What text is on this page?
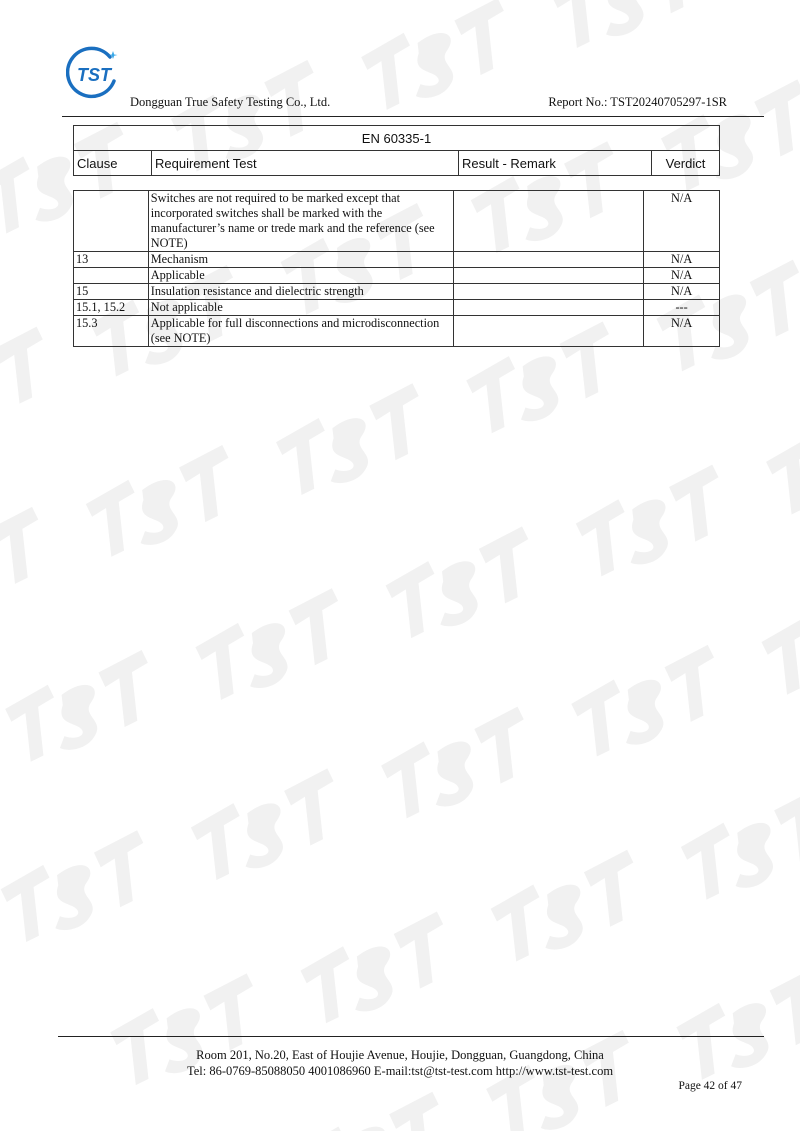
TST
Dongguan True Safety Testing Co., Ltd.	Report No.: TST20240705297-1SR
EN 60335-1
Clause	Requirement Test	Result - Remark	Verdict
	Switches are not required to be marked except that incorporated switches shall be marked with the manufacturer’s name or trede mark and the reference (see NOTE)		N/A
13	Mechanism		N/A
	Applicable		N/A
15	Insulation resistance and dielectric strength		N/A
15.1, 15.2	Not applicable		---
15.3	Applicable for full disconnections and microdisconnection (see NOTE)		N/A
Room 201, No.20, East of Houjie Avenue, Houjie, Dongguan, Guangdong, China
Tel: 86-0769-85088050 4001086960 E-mail:tst@tst-test.com http://www.tst-test.com
Page 42 of 47
